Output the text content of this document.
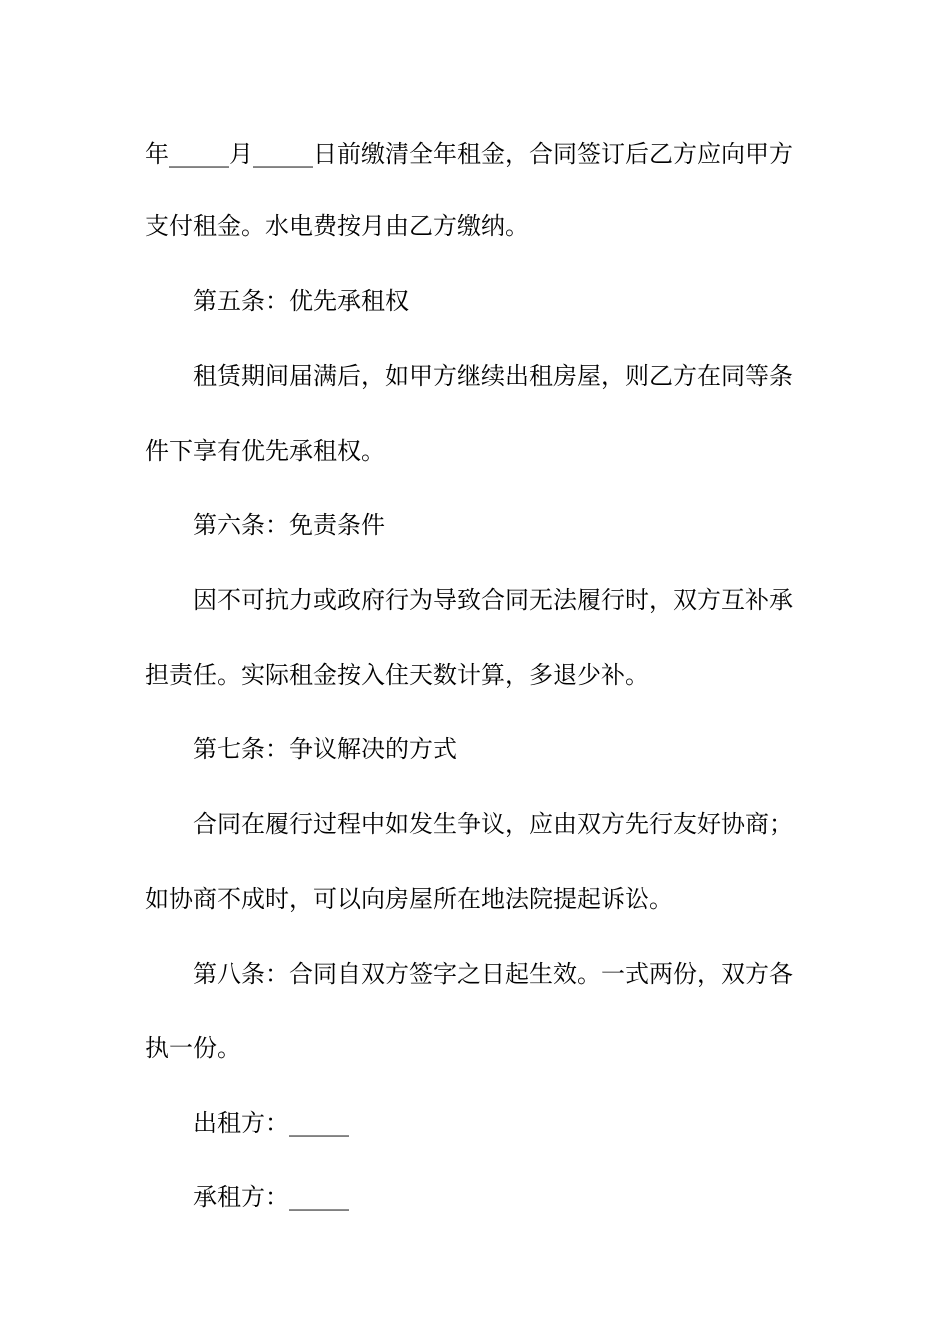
年_____月_____日前缴清全年租金，合同签订后乙方应向甲方
支付租金。水电费按月由乙方缴纳。
第五条：优先承租权
租赁期间届满后，如甲方继续出租房屋，则乙方在同等条
件下享有优先承租权。
第六条：免责条件
因不可抗力或政府行为导致合同无法履行时，双方互补承
担责任。实际租金按入住天数计算，多退少补。
第七条：争议解决的方式
合同在履行过程中如发生争议，应由双方先行友好协商；
如协商不成时，可以向房屋所在地法院提起诉讼。
第八条：合同自双方签字之日起生效。一式两份，双方各
执一份。
出租方：_____
承租方：_____
